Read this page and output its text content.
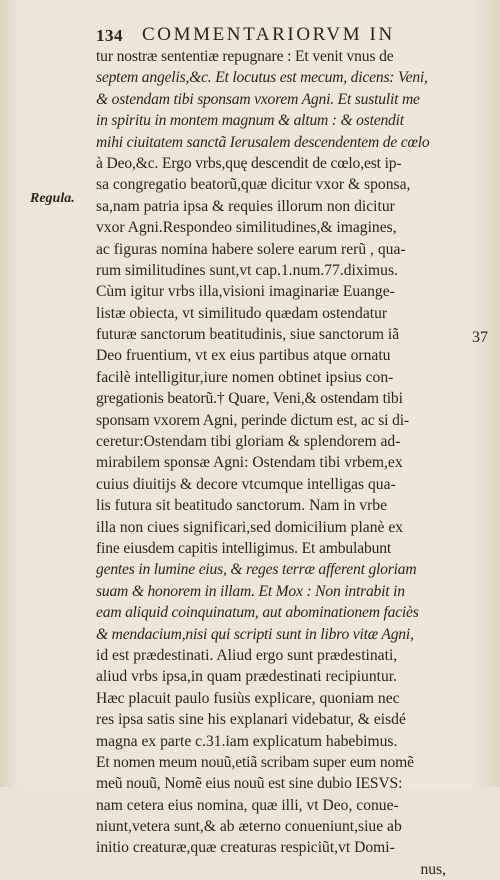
134 COMMENTARIORVM IN
Regula.
37
tur nostræ sententiæ repugnare : Et venit vnus de
septem angelis,&c. Et locutus est mecum, dicens: Veni,
& ostendam tibi sponsam vxorem Agni. Et sustulit me
in spiritu in montem magnum & altum : & ostendit
mihi ciuitatem sanctã Ierusalem descendentem de cœlo
à Deo,&c. Ergo vrbs,quę descendit de cœlo,est ip-
sa congregatio beatorũ,quæ dicitur vxor & sponsa,
sa,nam patria ipsa & requies illorum non dicitur
vxor Agni.Respondeo similitudines,& imagines,
ac figuras nomina habere solere earum rerũ , qua-
rum similitudines sunt,vt cap.1.num.77.diximus.
Cùm igitur vrbs illa,visioni imaginariæ Euange-
listæ obiecta, vt similitudo quædam ostendatur
futuræ sanctorum beatitudinis, siue sanctorum iã
Deo fruentium, vt ex eius partibus atque ornatu
facilè intelligitur,iure nomen obtinet ipsius con-
gregationis beatorũ.† Quare, Veni,& ostendam tibi
sponsam vxorem Agni, perinde dictum est, ac si di-
ceretur:Ostendam tibi gloriam & splendorem ad-
mirabilem sponsæ Agni: Ostendam tibi vrbem,ex
cuius diuitijs & decore vtcumque intelligas qua-
lis futura sit beatitudo sanctorum. Nam in vrbe
illa non ciues significari,sed domicilium planè ex
fine eiusdem capitis intelligimus. Et ambulabunt
gentes in lumine eius, & reges terræ afferent gloriam
suam & honorem in illam. Et Mox : Non intrabit in
eam aliquid coinquinatum, aut abominationem faciès
& mendacium,nisi qui scripti sunt in libro vitæ Agni,
id est prædestinati. Aliud ergo sunt prædestinati,
aliud vrbs ipsa,in quam prædestinati recipiuntur.
Hæc placuit paulo fusiùs explicare, quoniam nec
res ipsa satis sine his explanari videbatur, & eisdé
magna ex parte c.31.iam explicatum habebimus.
Et nomen meum nouũ,etiã scribam super eum nomẽ
meũ nouũ, Nomẽ eius nouũ est sine dubio IESVS:
nam cetera eius nomina, quæ illi, vt Deo, conue-
niunt,vetera sunt,& ab æterno conueniunt,siue ab
initio creaturæ,quæ creaturas respiciũt,vt Domi-
nus,
